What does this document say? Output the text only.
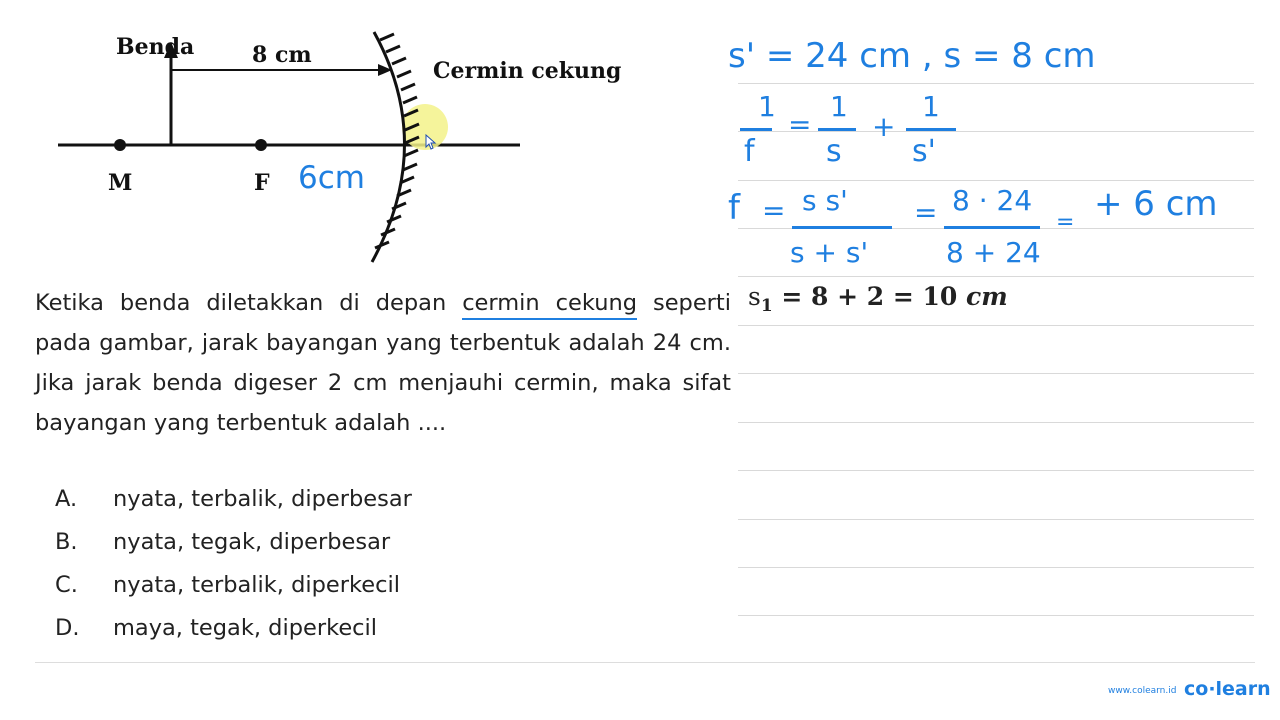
Benda	8 cm
Cermin cekung
M	F 6cm
Ketika benda diletakkan di depan cermin cekung seperti pada gambar, jarak bayangan yang terbentuk adalah 24 cm. Jika jarak benda digeser 2 cm menjauhi cermin, maka sifat bayangan yang terbentuk adalah ....
A. nyata, terbalik, diperbesar
B. nyata, tegak, diperbesar
C. nyata, terbalik, diperkecil
D. maya, tegak, diperkecil
s' = 24 cm , s = 8 cm
1
f
=
1
s
+
1
s'
f = s s'
s + s'
= 8 · 24
8 + 24
= + 6 cm
$s_1 = 8 + 2 = 10$ cm
www.colearn.id co·learn
